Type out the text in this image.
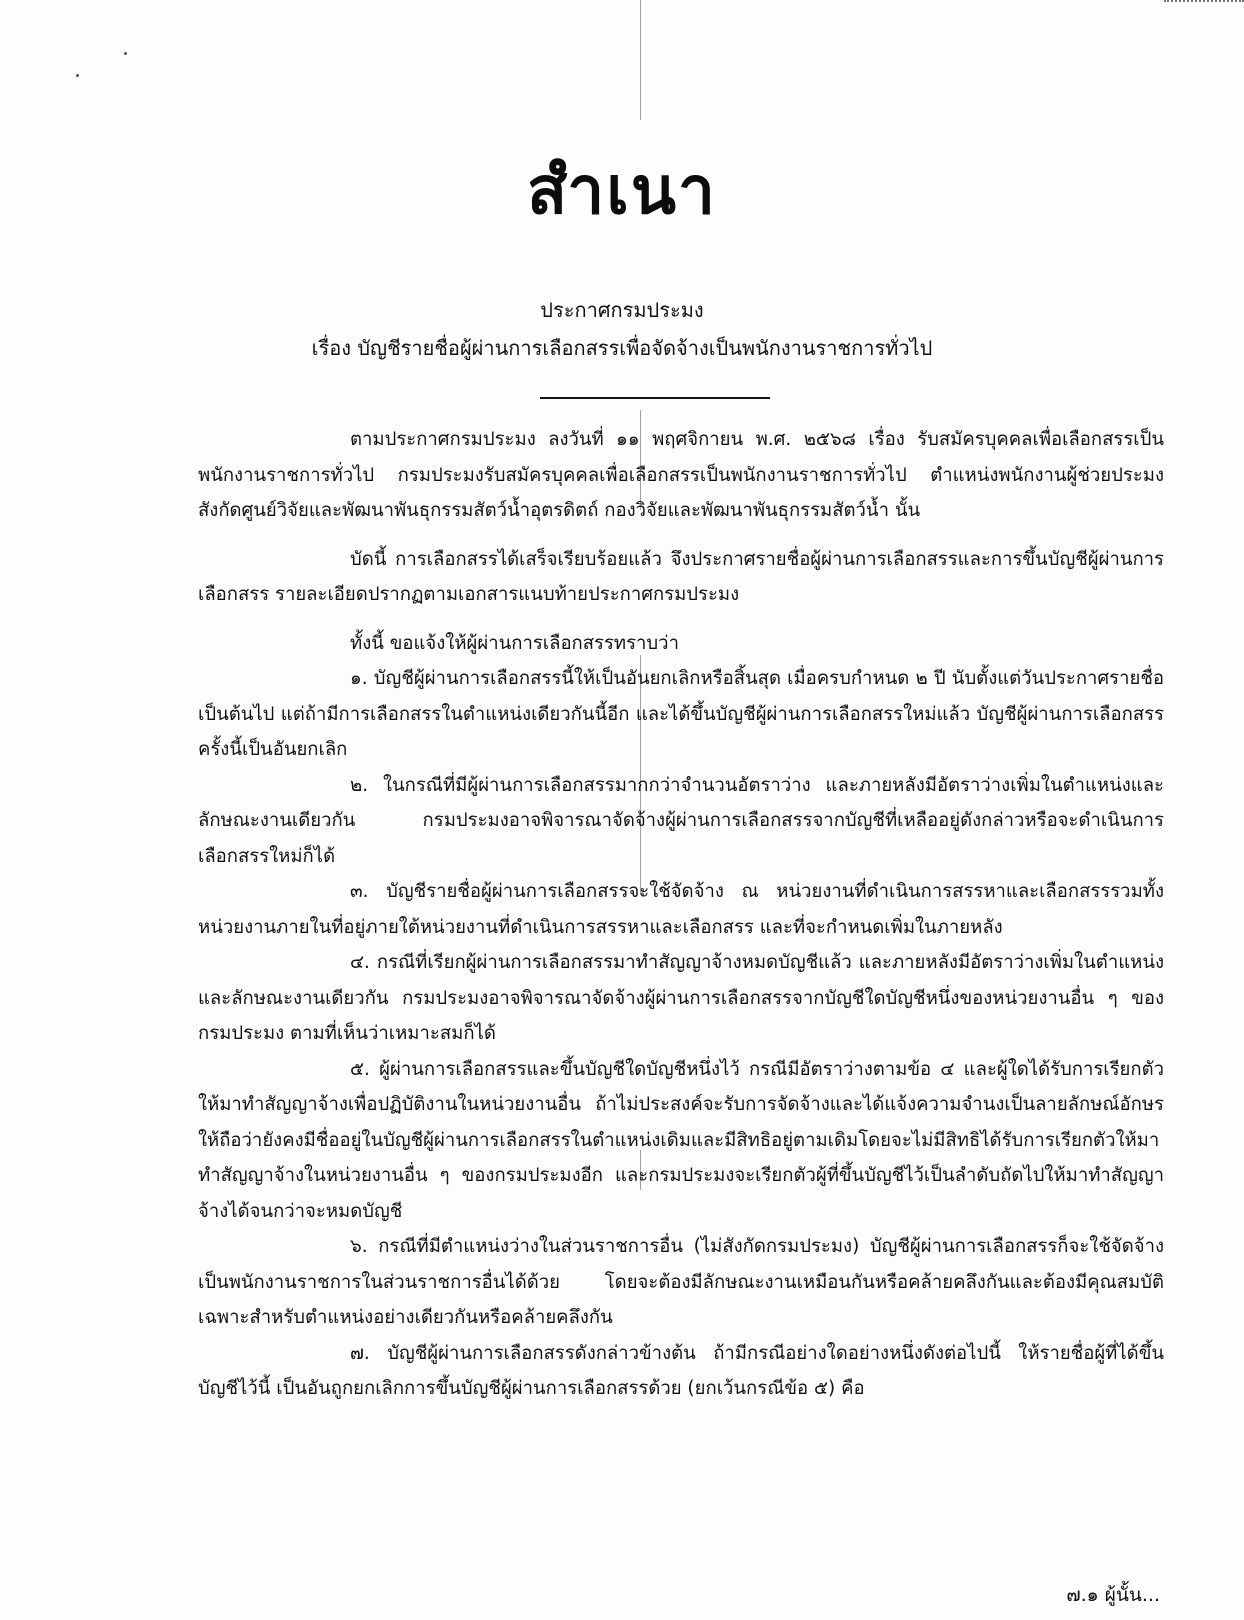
สำเนา
ประกาศกรมประมง
เรื่อง บัญชีรายชื่อผู้ผ่านการเลือกสรรเพื่อจัดจ้างเป็นพนักงานราชการทั่วไป

ตามประกาศกรมประมง ลงวันที่ ๑๑ พฤศจิกายน พ.ศ. ๒๕๖๘ เรื่อง รับสมัครบุคคลเพื่อเลือกสรรเป็นพนักงานราชการทั่วไป กรมประมงรับสมัครบุคคลเพื่อเลือกสรรเป็นพนักงานราชการทั่วไป ตำแหน่งพนักงานผู้ช่วยประมง สังกัดศูนย์วิจัยและพัฒนาพันธุกรรมสัตว์น้ำอุตรดิตถ์ กองวิจัยและพัฒนาพันธุกรรมสัตว์น้ำ นั้น

บัดนี้ การเลือกสรรได้เสร็จเรียบร้อยแล้ว จึงประกาศรายชื่อผู้ผ่านการเลือกสรรและการขึ้นบัญชีผู้ผ่านการเลือกสรร รายละเอียดปรากฏตามเอกสารแนบท้ายประกาศกรมประมง

ทั้งนี้ ขอแจ้งให้ผู้ผ่านการเลือกสรรทราบว่า

๑. บัญชีผู้ผ่านการเลือกสรรนี้ให้เป็นอันยกเลิกหรือสิ้นสุด เมื่อครบกำหนด ๒ ปี นับตั้งแต่วันประกาศรายชื่อเป็นต้นไป แต่ถ้ามีการเลือกสรรในตำแหน่งเดียวกันนี้อีก และได้ขึ้นบัญชีผู้ผ่านการเลือกสรรใหม่แล้ว บัญชีผู้ผ่านการเลือกสรรครั้งนี้เป็นอันยกเลิก

๒. ในกรณีที่มีผู้ผ่านการเลือกสรรมากกว่าจำนวนอัตราว่าง และภายหลังมีอัตราว่างเพิ่มในตำแหน่งและลักษณะงานเดียวกัน กรมประมงอาจพิจารณาจัดจ้างผู้ผ่านการเลือกสรรจากบัญชีที่เหลืออยู่ดังกล่าวหรือจะดำเนินการเลือกสรรใหม่ก็ได้

๓. บัญชีรายชื่อผู้ผ่านการเลือกสรรจะใช้จัดจ้าง ณ หน่วยงานที่ดำเนินการสรรหาและเลือกสรรรวมทั้งหน่วยงานภายในที่อยู่ภายใต้หน่วยงานที่ดำเนินการสรรหาและเลือกสรร และที่จะกำหนดเพิ่มในภายหลัง

๔. กรณีที่เรียกผู้ผ่านการเลือกสรรมาทำสัญญาจ้างหมดบัญชีแล้ว และภายหลังมีอัตราว่างเพิ่มในตำแหน่งและลักษณะงานเดียวกัน กรมประมงอาจพิจารณาจัดจ้างผู้ผ่านการเลือกสรรจากบัญชีใดบัญชีหนึ่งของหน่วยงานอื่น ๆ ของกรมประมง ตามที่เห็นว่าเหมาะสมก็ได้

๕. ผู้ผ่านการเลือกสรรและขึ้นบัญชีใดบัญชีหนึ่งไว้ กรณีมีอัตราว่างตามข้อ ๔ และผู้ใดได้รับการเรียกตัวให้มาทำสัญญาจ้างเพื่อปฏิบัติงานในหน่วยงานอื่น ถ้าไม่ประสงค์จะรับการจัดจ้างและได้แจ้งความจำนงเป็นลายลักษณ์อักษร ให้ถือว่ายังคงมีชื่ออยู่ในบัญชีผู้ผ่านการเลือกสรรในตำแหน่งเดิมและมีสิทธิอยู่ตามเดิมโดยจะไม่มีสิทธิได้รับการเรียกตัวให้มาทำสัญญาจ้างในหน่วยงานอื่น ๆ ของกรมประมงอีก และกรมประมงจะเรียกตัวผู้ที่ขึ้นบัญชีไว้เป็นลำดับถัดไปให้มาทำสัญญาจ้างได้จนกว่าจะหมดบัญชี

๖. กรณีที่มีตำแหน่งว่างในส่วนราชการอื่น (ไม่สังกัดกรมประมง) บัญชีผู้ผ่านการเลือกสรรก็จะใช้จัดจ้างเป็นพนักงานราชการในส่วนราชการอื่นได้ด้วย โดยจะต้องมีลักษณะงานเหมือนกันหรือคล้ายคลึงกันและต้องมีคุณสมบัติเฉพาะสำหรับตำแหน่งอย่างเดียวกันหรือคล้ายคลึงกัน

๗. บัญชีผู้ผ่านการเลือกสรรดังกล่าวข้างต้น ถ้ามีกรณีอย่างใดอย่างหนึ่งดังต่อไปนี้ ให้รายชื่อผู้ที่ได้ขึ้นบัญชีไว้นี้ เป็นอันถูกยกเลิกการขึ้นบัญชีผู้ผ่านการเลือกสรรด้วย (ยกเว้นกรณีข้อ ๕) คือ

๗.๑ ผู้นั้น...
